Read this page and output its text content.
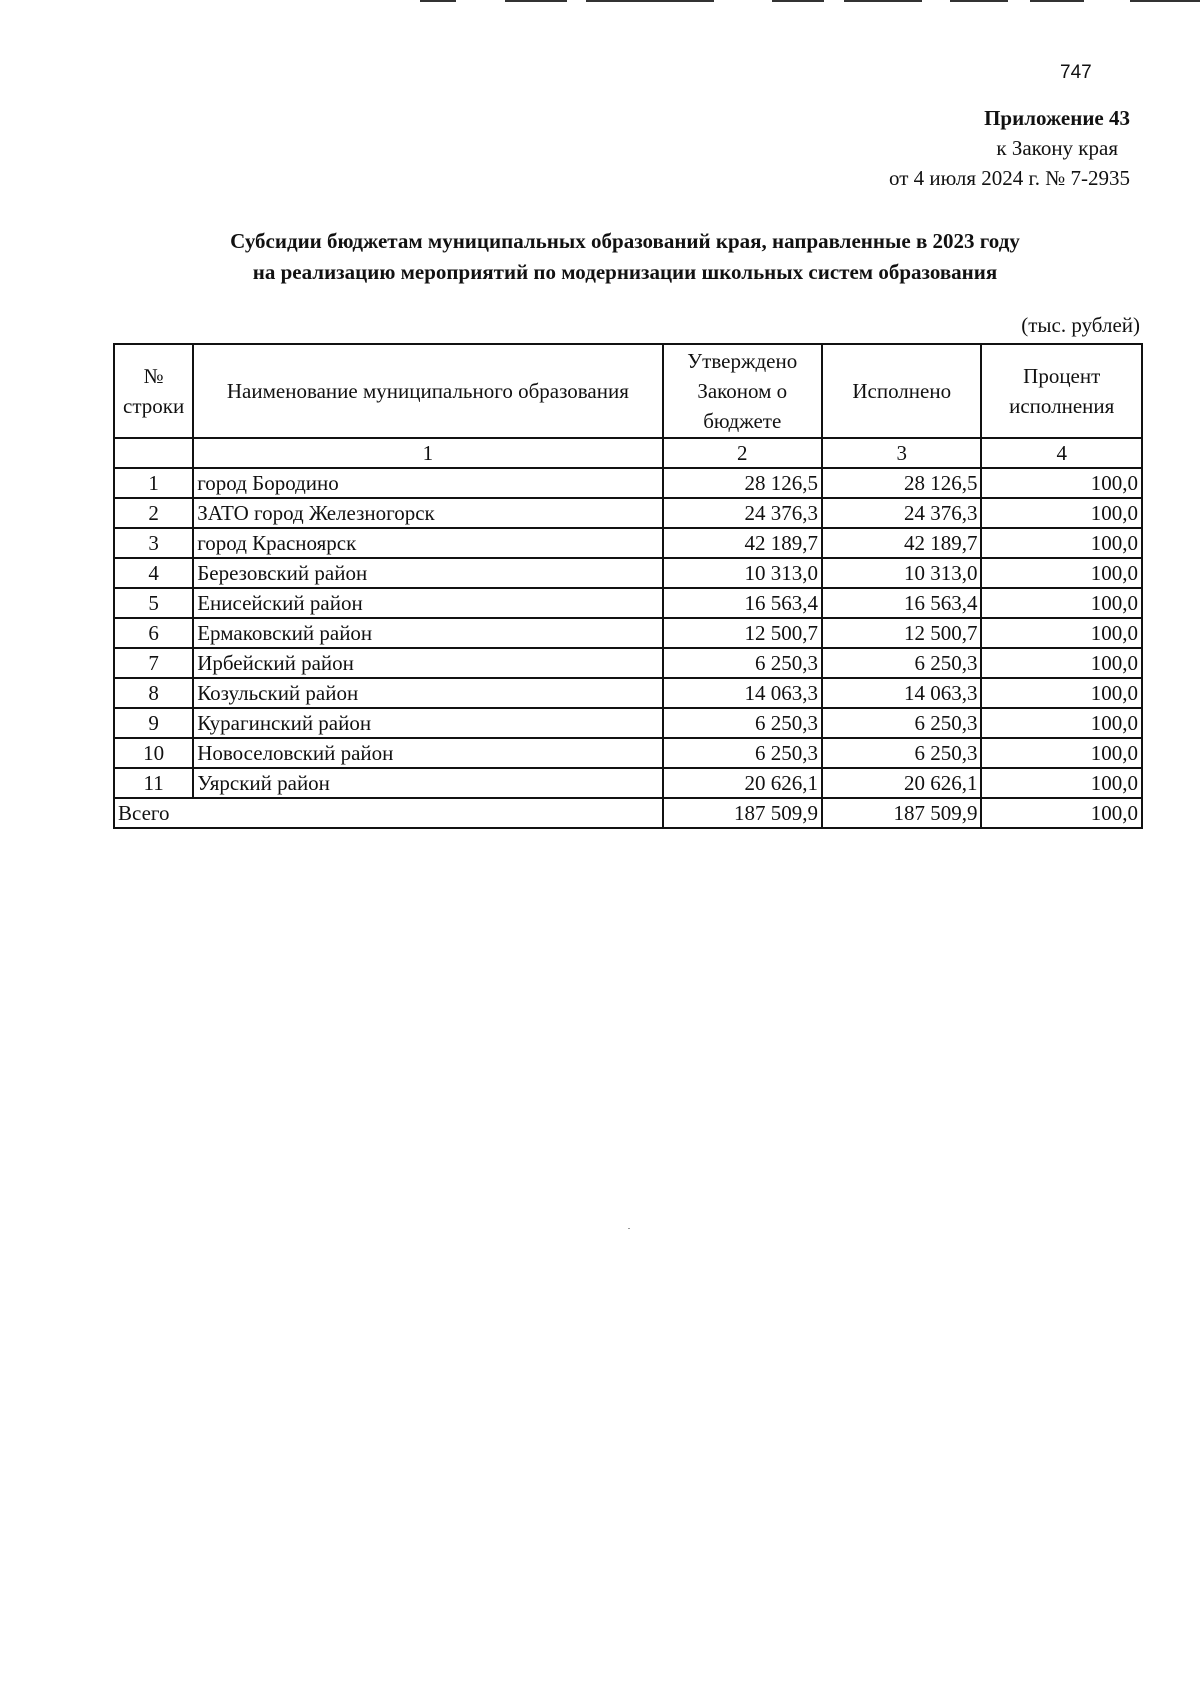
747
Приложение 43
к Закону края
от 4 июля 2024 г. № 7-2935
Субсидии бюджетам муниципальных образований края, направленные в 2023 году
на реализацию мероприятий по модернизации школьных систем образования
(тыс. рублей)
№ строки	Наименование муниципального образования	Утверждено Законом о бюджете	Исполнено	Процент исполнения
	1	2	3	4
1	город Бородино	28 126,5	28 126,5	100,0
2	ЗАТО город Железногорск	24 376,3	24 376,3	100,0
3	город Красноярск	42 189,7	42 189,7	100,0
4	Березовский район	10 313,0	10 313,0	100,0
5	Енисейский район	16 563,4	16 563,4	100,0
6	Ермаковский район	12 500,7	12 500,7	100,0
7	Ирбейский район	6 250,3	6 250,3	100,0
8	Козульский район	14 063,3	14 063,3	100,0
9	Курагинский район	6 250,3	6 250,3	100,0
10	Новоселовский район	6 250,3	6 250,3	100,0
11	Уярский район	20 626,1	20 626,1	100,0
Всего		187 509,9	187 509,9	100,0
